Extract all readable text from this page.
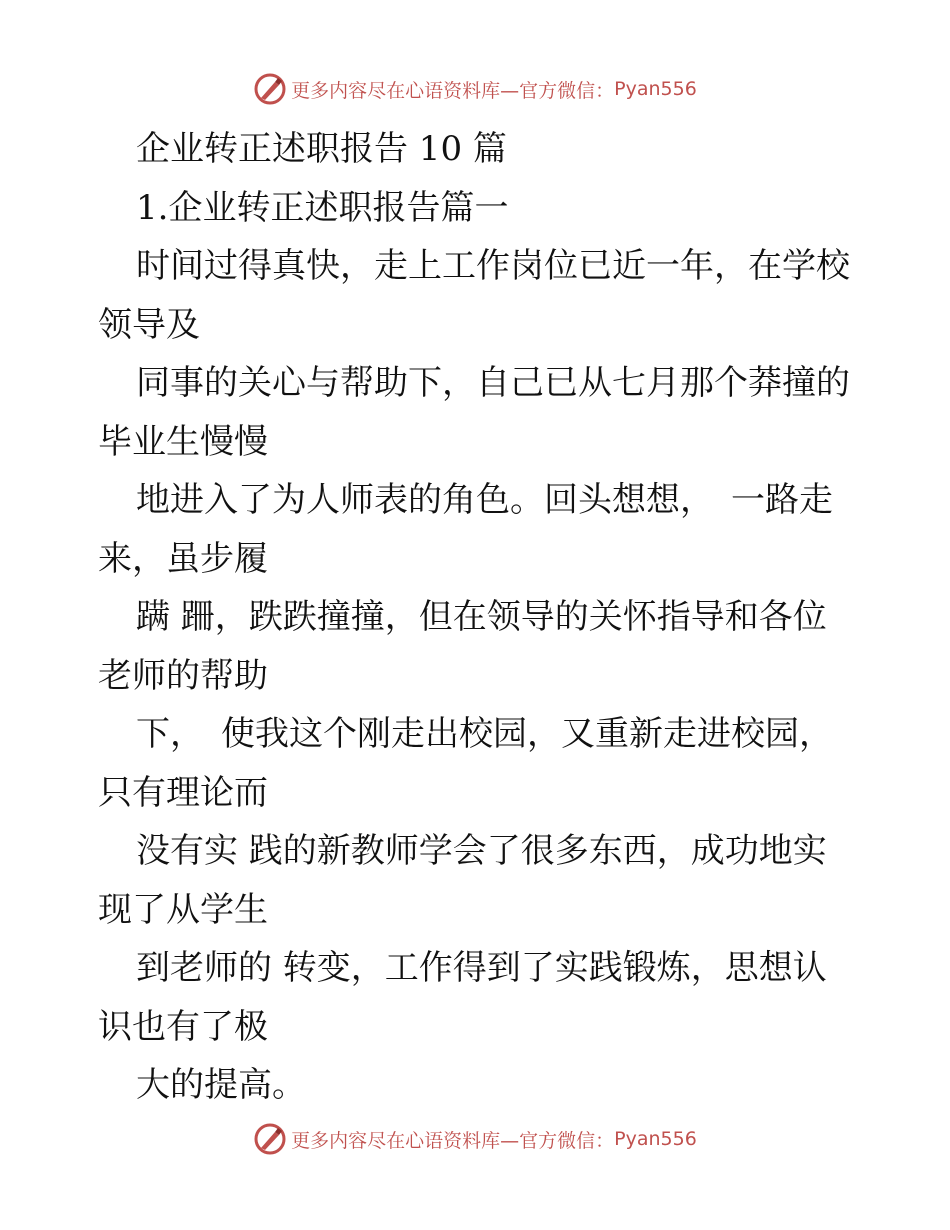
更多内容尽在心语资料库—官方微信： Pyan556

企业转正述职报告 10 篇

1.企业转正述职报告篇一

时间过得真快，走上工作岗位已近一年，在学校领导及

同事的关心与帮助下，自己已从七月那个莽撞的毕业生慢慢

地进入了为人师表的角色。回头想想，　一路走来，虽步履

蹒 跚，跌跌撞撞，但在领导的关怀指导和各位老师的帮助

下，　使我这个刚走出校园，又重新走进校园，只有理论而

没有实 践的新教师学会了很多东西，成功地实现了从学生

到老师的 转变，工作得到了实践锻炼，思想认识也有了极

大的提高。

更多内容尽在心语资料库—官方微信： Pyan556
